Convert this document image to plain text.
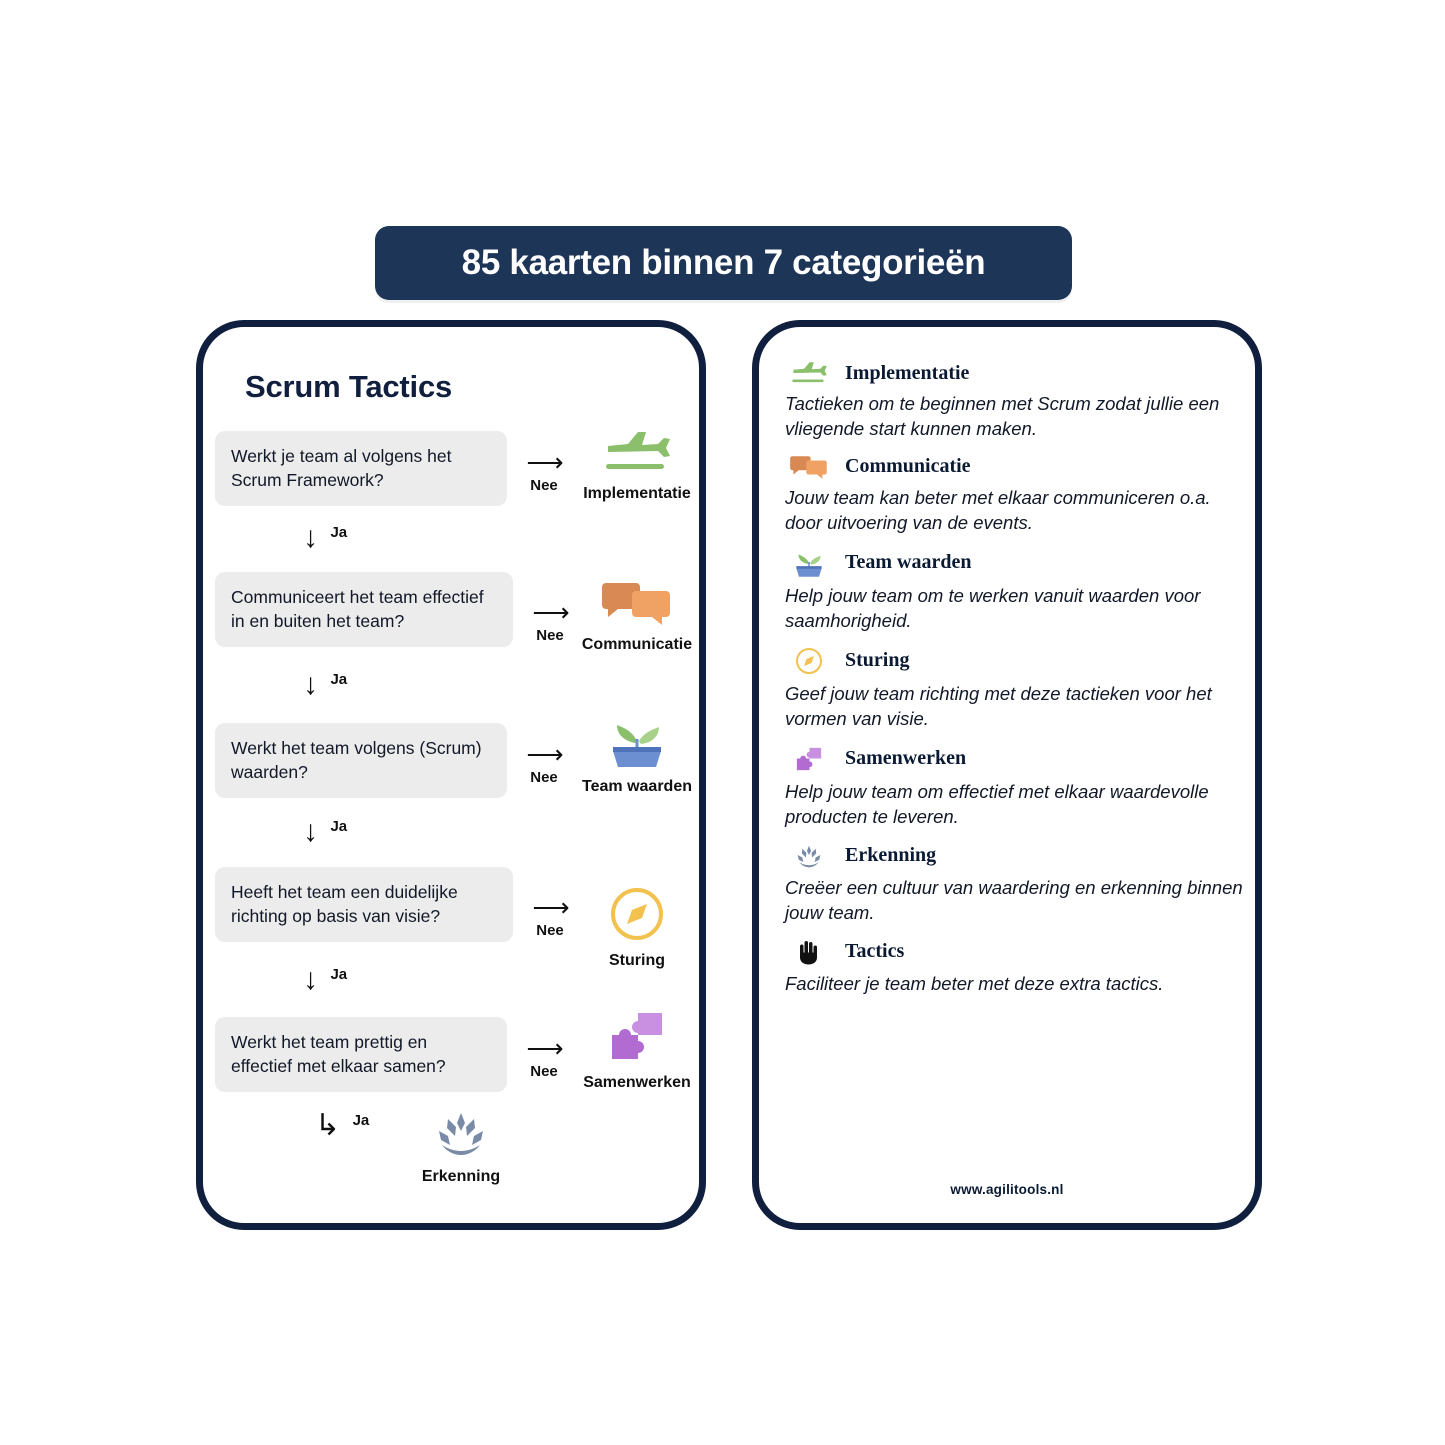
85 kaarten binnen 7 categorieën
Scrum Tactics
Werkt je team al volgens het Scrum Framework?
⟶
Nee	Implementatie
↓ Ja
Communiceert het team effectief in en buiten het team?	⟶
Nee
Communicatie
↓ Ja
Werkt het team volgens (Scrum) waarden?
⟶
Nee
Team waarden
↓ Ja
Heeft het team een duidelijke richting op basis van visie?	⟶
Nee
Sturing
↓ Ja
Werkt het team prettig en effectief met elkaar samen?
⟶
Nee
Samenwerken
↳ Ja
Erkenning
Implementatie
Tactieken om te beginnen met Scrum zodat jullie een vliegende start kunnen maken.
Communicatie
Jouw team kan beter met elkaar communiceren o.a. door uitvoering van de events.
Team waarden
Help jouw team om te werken vanuit waarden voor saamhorigheid.
Sturing
Geef jouw team richting met deze tactieken voor het vormen van visie.
Samenwerken
Help jouw team om effectief met elkaar waardevolle producten te leveren.
Erkenning
Creëer een cultuur van waardering en erkenning binnen jouw team.
Tactics
Faciliteer je team beter met deze extra tactics.
www.agilitools.nl
